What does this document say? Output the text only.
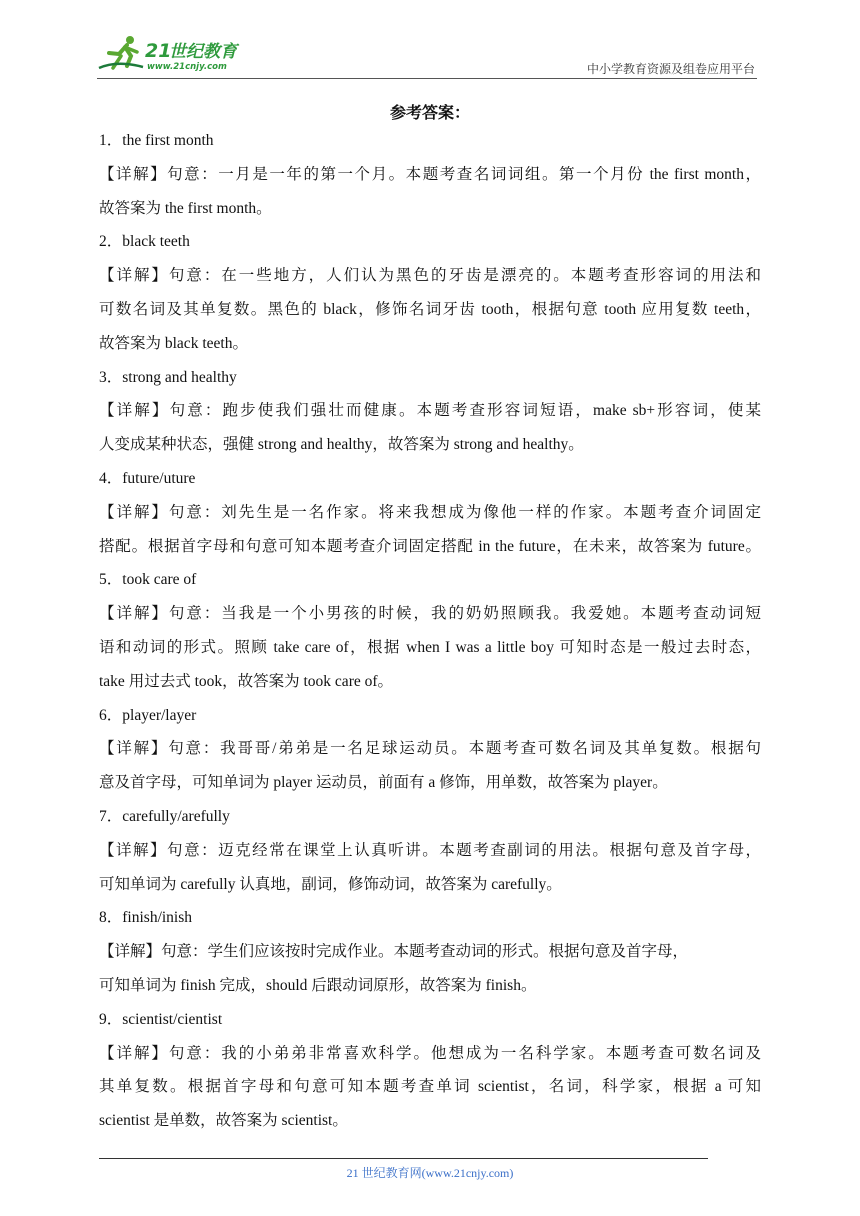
21
世纪教育
www.21cnjy.com	中小学教育资源及组卷应用平台
参考答案：
1．the first month
【详解】句意：一月是一年的第一个月。本题考查名词词组。第一个月份 the first month，
故答案为 the first month。
2．black teeth
【详解】句意：在一些地方，人们认为黑色的牙齿是漂亮的。本题考查形容词的用法和
可数名词及其单复数。黑色的 black，修饰名词牙齿 tooth，根据句意 tooth 应用复数 teeth，
故答案为 black teeth。
3．strong and healthy
【详解】句意：跑步使我们强壮而健康。本题考查形容词短语，make sb+形容词，使某
人变成某种状态，强健 strong and healthy，故答案为 strong and healthy。
4．future/uture
【详解】句意：刘先生是一名作家。将来我想成为像他一样的作家。本题考查介词固定
搭配。根据首字母和句意可知本题考查介词固定搭配 in the future，在未来，故答案为 future。
5．took care of
【详解】句意：当我是一个小男孩的时候，我的奶奶照顾我。我爱她。本题考查动词短
语和动词的形式。照顾 take care of，根据 when I was a little boy 可知时态是一般过去时态，
take 用过去式 took，故答案为 took care of。
6．player/layer
【详解】句意：我哥哥/弟弟是一名足球运动员。本题考查可数名词及其单复数。根据句
意及首字母，可知单词为 player 运动员，前面有 a 修饰，用单数，故答案为 player。
7．carefully/arefully
【详解】句意：迈克经常在课堂上认真听讲。本题考查副词的用法。根据句意及首字母，
可知单词为 carefully 认真地，副词，修饰动词，故答案为 carefully。
8．finish/inish
【详解】句意：学生们应该按时完成作业。本题考查动词的形式。根据句意及首字母，
可知单词为 finish 完成，should 后跟动词原形，故答案为 finish。
9．scientist/cientist
【详解】句意：我的小弟弟非常喜欢科学。他想成为一名科学家。本题考查可数名词及
其单复数。根据首字母和句意可知本题考查单词 scientist，名词，科学家，根据 a 可知
scientist 是单数，故答案为 scientist。
21 世纪教育网(www.21cnjy.com)
